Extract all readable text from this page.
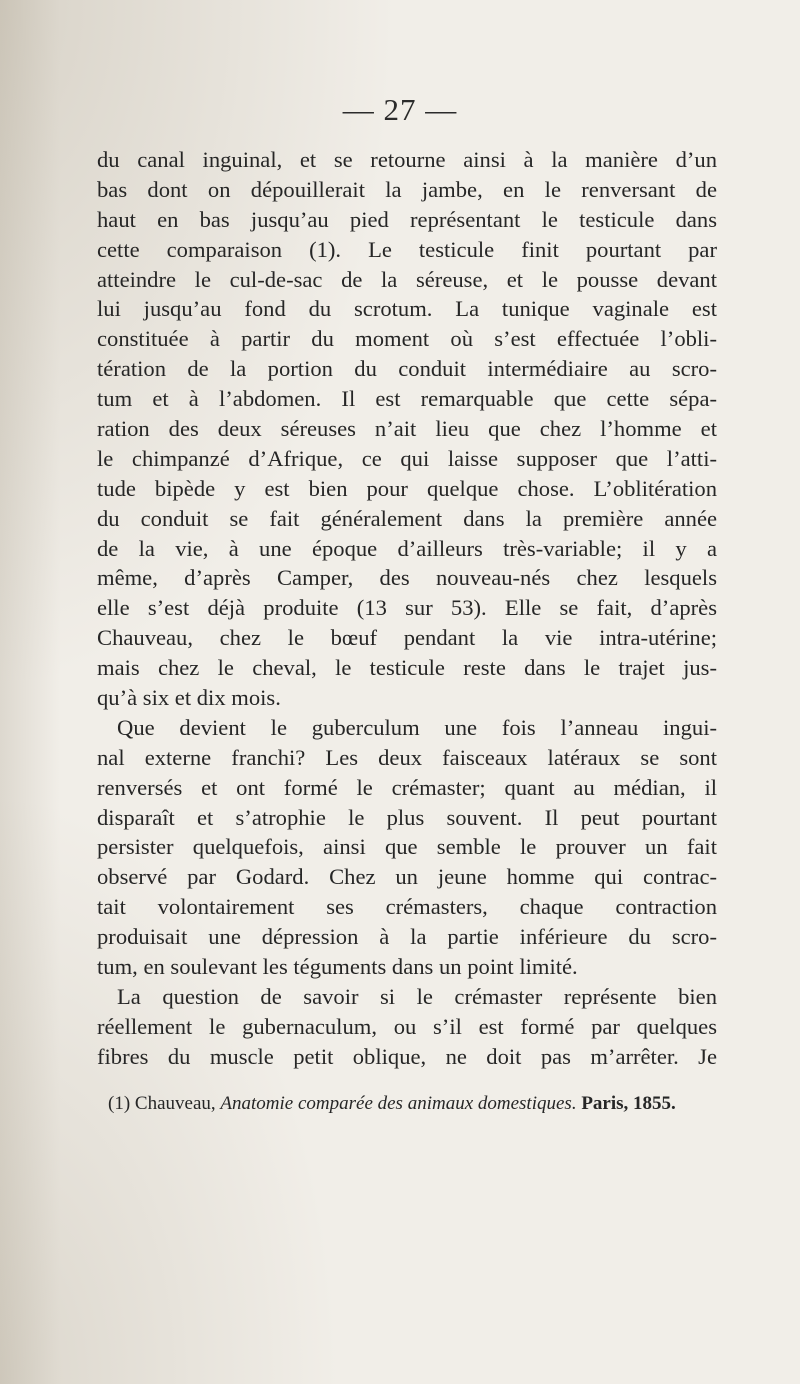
— 27 —
du canal inguinal, et se retourne ainsi à la manière d’un
bas dont on dépouillerait la jambe, en le renversant de
haut en bas jusqu’au pied représentant le testicule dans
cette comparaison (1). Le testicule finit pourtant par
atteindre le cul-de-sac de la séreuse, et le pousse devant
lui jusqu’au fond du scrotum. La tunique vaginale est
constituée à partir du moment où s’est effectuée l’obli-
tération de la portion du conduit intermédiaire au scro-
tum et à l’abdomen. Il est remarquable que cette sépa-
ration des deux séreuses n’ait lieu que chez l’homme et
le chimpanzé d’Afrique, ce qui laisse supposer que l’atti-
tude bipède y est bien pour quelque chose. L’oblitération
du conduit se fait généralement dans la première année
de la vie, à une époque d’ailleurs très-variable; il y a
même, d’après Camper, des nouveau-nés chez lesquels
elle s’est déjà produite (13 sur 53). Elle se fait, d’après
Chauveau, chez le bœuf pendant la vie intra-utérine;
mais chez le cheval, le testicule reste dans le trajet jus-
qu’à six et dix mois.
Que devient le guberculum une fois l’anneau ingui-
nal externe franchi? Les deux faisceaux latéraux se sont
renversés et ont formé le crémaster; quant au médian, il
disparaît et s’atrophie le plus souvent. Il peut pourtant
persister quelquefois, ainsi que semble le prouver un fait
observé par Godard. Chez un jeune homme qui contrac-
tait volontairement ses crémasters, chaque contraction
produisait une dépression à la partie inférieure du scro-
tum, en soulevant les téguments dans un point limité.
La question de savoir si le crémaster représente bien
réellement le gubernaculum, ou s’il est formé par quelques
fibres du muscle petit oblique, ne doit pas m’arrêter. Je
(1) Chauveau, Anatomie comparée des animaux domestiques. Paris, 1855.
